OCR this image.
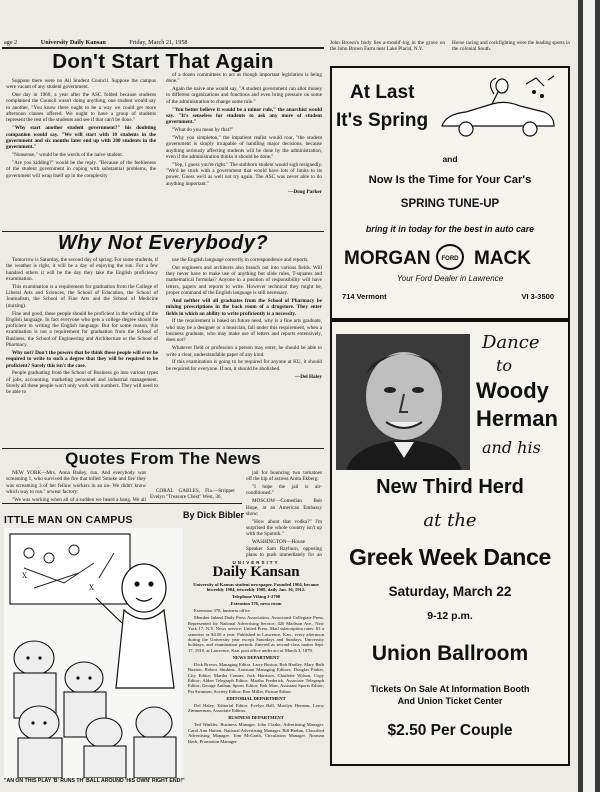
age 2	University Daily Kansan	Friday, March 21, 1958	John Brown's body lies a-mould'-ing in the grave on the John Brown Farm near Lake Placid, N.Y.

Horse racing and cockfighting were the leading sports in the colonial South.

Don't Start That Again

Suppose there were no All Student Council. Suppose the campus were vacant of any student government.

One day in 1960, a year after the ASC folded because students complained the Council wasn't doing anything, one student would say to another, "You know there ought to be a way we could get more afternoon classes offered. We ought to have a group of students represent the rest of the students and see if that can't be done."

"Why start another student government?" his doubting companion would say. "We will start with 10 students in the government and six months later end up with 200 students in the government."

"Nonsense," would be the words of the naive student.

"Are you kidding?" would be the reply. "Because of the feebleness of the student government in coping with substantial problems, the government will wrap itself up in the complexity

of a dozen committees to act as though important legislation is being done."

Again the naive one would say, "A student government can allot money to different organizations and functions and even bring pressure on some of the administration to change some rule."

"You better believe it would be a minor rule," the anarchist would say. "It's senseless for students to ask any more of student government."

"What do you mean by that?"

"Why you simpleton," the impatient realist would roar, "the student government is simply incapable of handling major decisions, because anything seriously affecting students will be done by the administration, even if the administration thinks it should be done."

"Yep, I guess you're right." The stubborn student would sigh resignedly. "We'd be stuck with a government that would have lots of limits to its power. Guess we'd as well not try again. The ASC was never able to do anything important."

—Doug Parker

Why Not Everybody?

Tomorrow is Saturday, the second day of spring. For some students, if the weather is right, it will be a day of enjoying the sun. For a few hundred others it will be the day they take the English proficiency examination.

This examination is a requirement for graduation from the College of Liberal Arts and Sciences, the School of Education, the School of Journalism, the School of Fine Arts and the School of Medicine (nursing).

Fine and good, these people should be proficient in the writing of the English language. In fact everyone who gets a college degree should be proficient in writing the English language. But for some reason, this examination is not a requirement for graduation from the School of Business, the School of Engineering and Architecture or the School of Pharmacy.

Why not? Don't the powers that be think these people will ever be required to write to such a degree that they will be required to be proficient? Surely this isn't the case.

People graduating from the School of Business go into various types of jobs, accounting, marketing personnel and industrial management. Surely all these people won't only work with numbers. They will need to be able to

use the English language correctly in correspondence and reports.

Our engineers and architects also branch out into various fields. Will they never have to make use of anything but slide rules, T-squares and mathematical formulas? Anyone in a position of responsibility will have letters, papers and reports to write. However technical they might be, proper command of the English language is still necessary.

And neither will all graduates from the School of Pharmacy be mixing prescriptions in the back room of a drugstore. They enter fields in which an ability to write proficiently is a necessity.

If the requirement is based on future need, why is a fine arts graduate, who may be a designer or a musician, fall under this requirement, when a business graduate, who may make use of letters and reports extensively, does not?

Whatever field or profession a person may enter, he should be able to write a clear, understandable paper of any kind.

If this examination is going to be required for anyone at KU, it should be required for everyone. If not, it should be abolished.

—Del Haley

Quotes From The News

NEW YORK—Mrs. Anna Bailey, run. And everybody was screaming 1, who survived the fire that killed 'Smoke and fire' they was screaming 3 of her fellow workers in an un- We didn't know which way to run.'' urwear factory:

"We was working when all of a sudden we heard a bang. We all

CORAL GABLES, Fla.—Stripper Evelyn "Treasure Chest" West, 36,

jail for bouncing two tomatoes off the hip of actress Anita Ekberg:

"I hope the jail is air-conditioned."

MOSCOW—Comedian Bob Hope, at an American Embassy show:

"How about that vodka?" I'm surprised the whole country isn't up with the Sputnik."

WASHINGTON—House Speaker Sam Rayburn, opposing plans to push immediately for an

ITTLE MAN ON CAMPUS	By Dick Bibler
X
X
"AN ON THIS PLAY 'B' RUNS TH' BALL AROUND 'HIS OWN' RIGHT END!"
UNIVERSITY
Daily Kansan

University of Kansas student newspaper. Founded 1904, became biweekly 1904, triweekly 1908, daily Jan. 16, 1912.

Telephone Viking 3-2700

Extension 376, news room

Extension 378, business office

Member Inland Daily Press Association, Associated Collegiate Press. Represented for National Advertising Service, 420 Madison Ave., New York 17, N.Y. News service: United Press. Mail subscription rates: $3 a semester or $4.50 a year. Published in Lawrence, Kan., every afternoon during the University year except Saturdays and Sundays, University holidays, and examination periods. Entered as second-class matter Sept. 17, 1910, at Lawrence, Kan. post office under act of March 3, 1879.

NEWS DEPARTMENT

Dick Brown, Managing Editor. Larry Boston, Bob Hartley, Mary Beth Buxton, Robert Simkins, Assistant Managing Editors; Douglas Parker, City Editor; Martha Conner, Jack Harrison, Charlotte Wilson, Copy Editor; Alden Telegraph Editor; Martha Frederick, Associate Telegraph Editor; George Anthan, Sports Editor; Bob Marr, Assistant Sports Editor; Pat Swanson, Society Editor; Ron Miller, Picture Editor.

EDITORIAL DEPARTMENT

Del Haley, Editorial Editor. Evelyn Ball, Marilyn Herman, Leroy Zimmerman, Associate Editors.

BUSINESS DEPARTMENT

Ted Winkler, Business Manager. John Clarke, Advertising Manager. Carol Ann Hutton, National Advertising Manager. Bill Brehm, Classified Advertising Manager. Tom McGrath, Circulation Manager. Norman Beck, Promotion Manager.

At Last
It's Spring
and
Now Is the Time for Your Car's
SPRING TUNE-UP
bring it in today for the best in auto care
MORGAN	FORD MACK
Your Ford Dealer in Lawrence
714 Vermont	VI 3-3500
Dance
to
Woody
Herman
and his
New Third Herd
at the
Greek Week Dance
Saturday, March 22
9-12 p.m.
Union Ballroom
Tickets On Sale At Information Booth
And Union Ticket Center
$2.50 Per Couple
